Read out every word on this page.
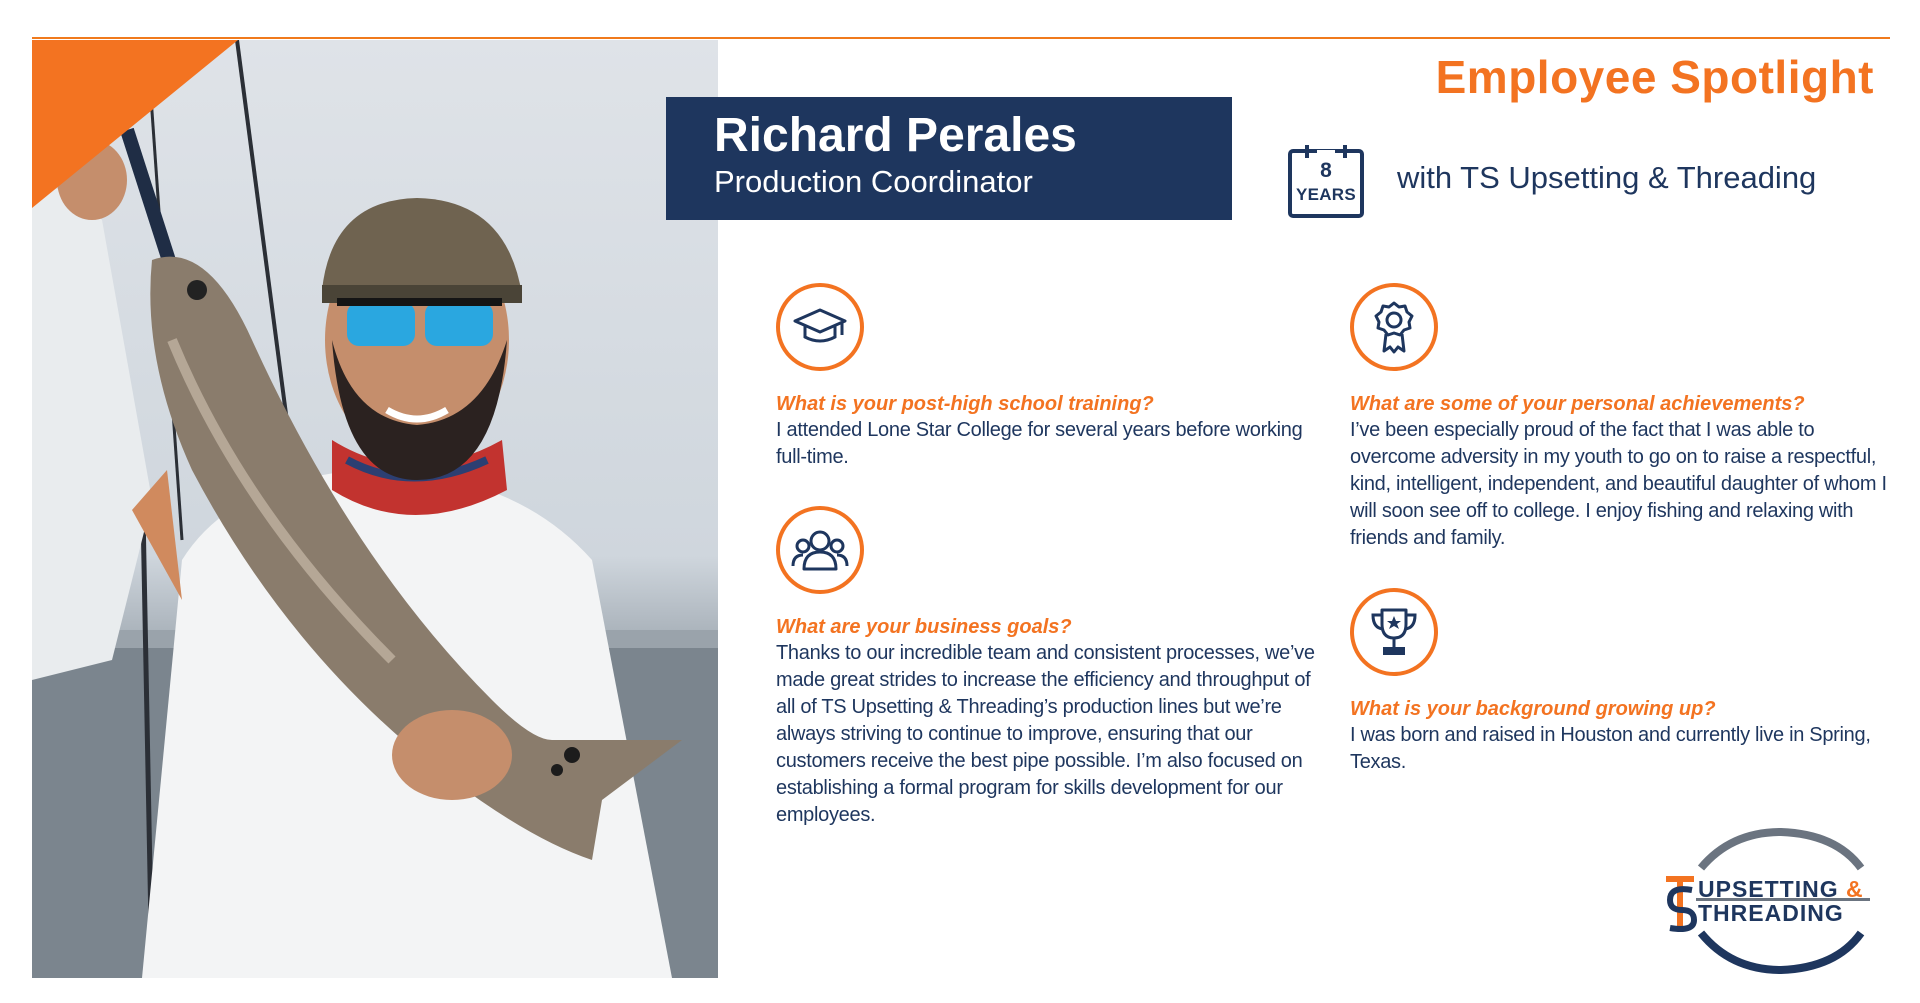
Employee Spotlight
Richard Perales
Production Coordinator	8
YEARS with TS Upsetting & Threading
What is your post-high school training?
I attended Lone Star College for several years before working full-time.
What are some of your personal achievements?
I’ve been especially proud of the fact that I was able to overcome adversity in my youth to go on to raise a respectful, kind, intelligent, independent, and beautiful daughter of whom I will soon see off to college. I enjoy fishing and relaxing with friends and family.
What are your business goals?
Thanks to our incredible team and consistent processes, we’ve made great strides to increase the efficiency and throughput of all of TS Upsetting & Threading’s production lines but we’re always striving to continue to improve, ensuring that our customers receive the best pipe possible. I’m also focused on establishing a formal program for skills development for our employees.
What is your background growing up?
I was born and raised in Houston and currently live in Spring, Texas.
UPSETTING &
THREADING
